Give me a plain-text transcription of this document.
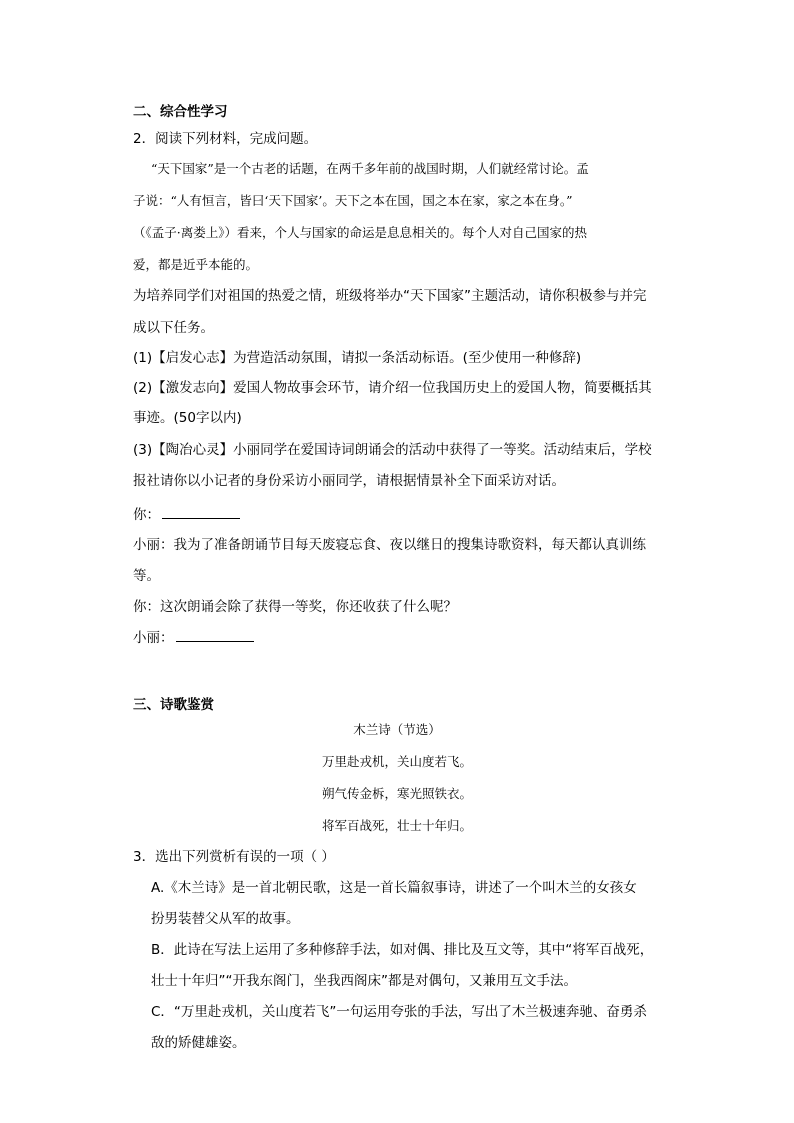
二、综合性学习
2．阅读下列材料，完成问题。
“天下国家”是一个古老的话题，在两千多年前的战国时期，人们就经常讨论。孟
子说：“人有恒言，皆曰‘天下国家’。天下之本在国，国之本在家，家之本在身。”
（《孟子·离娄上》）看来，个人与国家的命运是息息相关的。每个人对自己国家的热
爱，都是近乎本能的。
为培养同学们对祖国的热爱之情，班级将举办“天下国家”主题活动，请你积极参与并完
成以下任务。
(1)【启发心志】为营造活动氛围，请拟一条活动标语。(至少使用一种修辞)
(2)【激发志向】爱国人物故事会环节，请介绍一位我国历史上的爱国人物，简要概括其
事迹。(50字以内)
(3)【陶冶心灵】小丽同学在爱国诗词朗诵会的活动中获得了一等奖。活动结束后，学校
报社请你以小记者的身份采访小丽同学，请根据情景补全下面采访对话。
你：
小丽：我为了准备朗诵节目每天废寝忘食、夜以继日的搜集诗歌资料，每天都认真训练
等。
你：这次朗诵会除了获得一等奖，你还收获了什么呢？
小丽：
三、诗歌鉴赏
木兰诗（节选）
万里赴戎机，关山度若飞。
朔气传金柝，寒光照铁衣。
将军百战死，壮士十年归。
3．选出下列赏析有误的一项（ ）
A.《木兰诗》是一首北朝民歌，这是一首长篇叙事诗，讲述了一个叫木兰的女孩女
扮男装替父从军的故事。
B．此诗在写法上运用了多种修辞手法，如对偶、排比及互文等，其中“将军百战死，
壮士十年归”“开我东阁门，坐我西阁床”都是对偶句，又兼用互文手法。
C．“万里赴戎机，关山度若飞”一句运用夸张的手法，写出了木兰极速奔驰、奋勇杀
敌的矫健雄姿。
